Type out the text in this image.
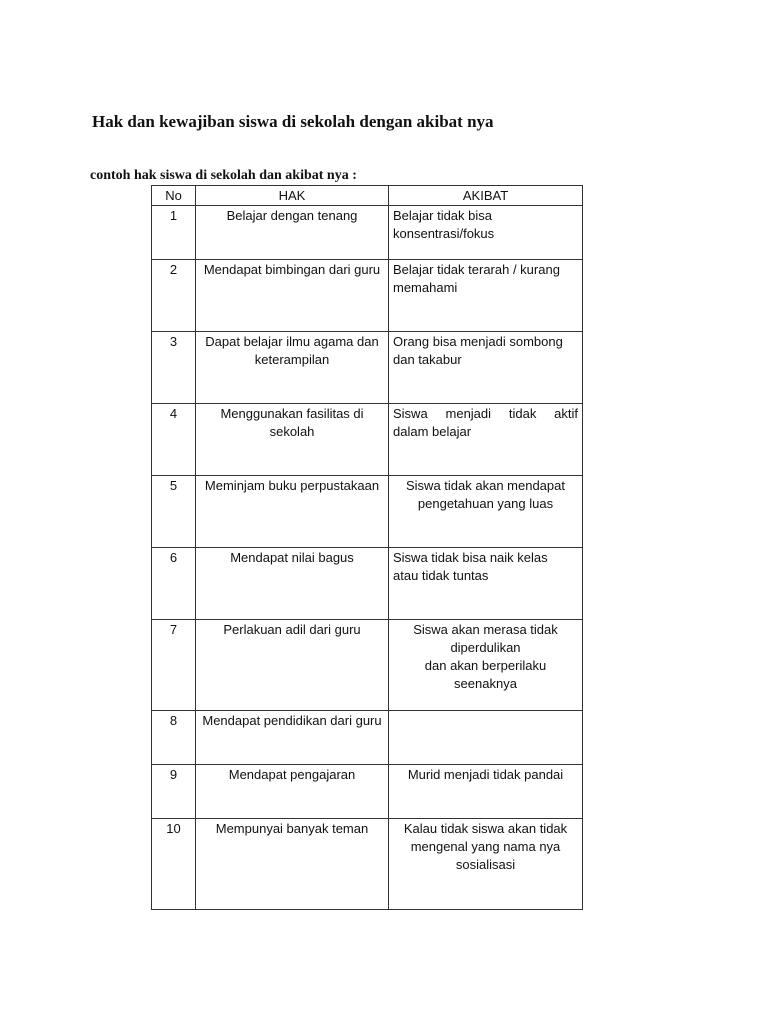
Hak dan kewajiban siswa di sekolah dengan akibat nya
contoh hak siswa di sekolah dan akibat nya :
No	HAK	AKIBAT
1	Belajar dengan tenang	Belajar tidak bisa
konsentrasi/fokus

2	Mendapat bimbingan dari guru	Belajar tidak terarah / kurang
memahami

3	Dapat belajar ilmu agama dan keterampilan	Orang bisa menjadi sombong
dan takabur

4	Menggunakan fasilitas di sekolah	Siswa menjadi tidak aktif
dalam belajar

5	Meminjam buku perpustakaan	Siswa tidak akan mendapat
pengetahuan yang luas

6	Mendapat nilai bagus	Siswa tidak bisa naik kelas
atau tidak tuntas

7	Perlakuan adil dari guru	Siswa akan merasa tidak
diperdulikan
dan akan berperilaku
seenaknya

8	Mendapat pendidikan dari guru	
9	Mendapat pengajaran	Murid menjadi tidak pandai

10	Mempunyai banyak teman	Kalau tidak siswa akan tidak
mengenal yang nama nya
sosialisasi
